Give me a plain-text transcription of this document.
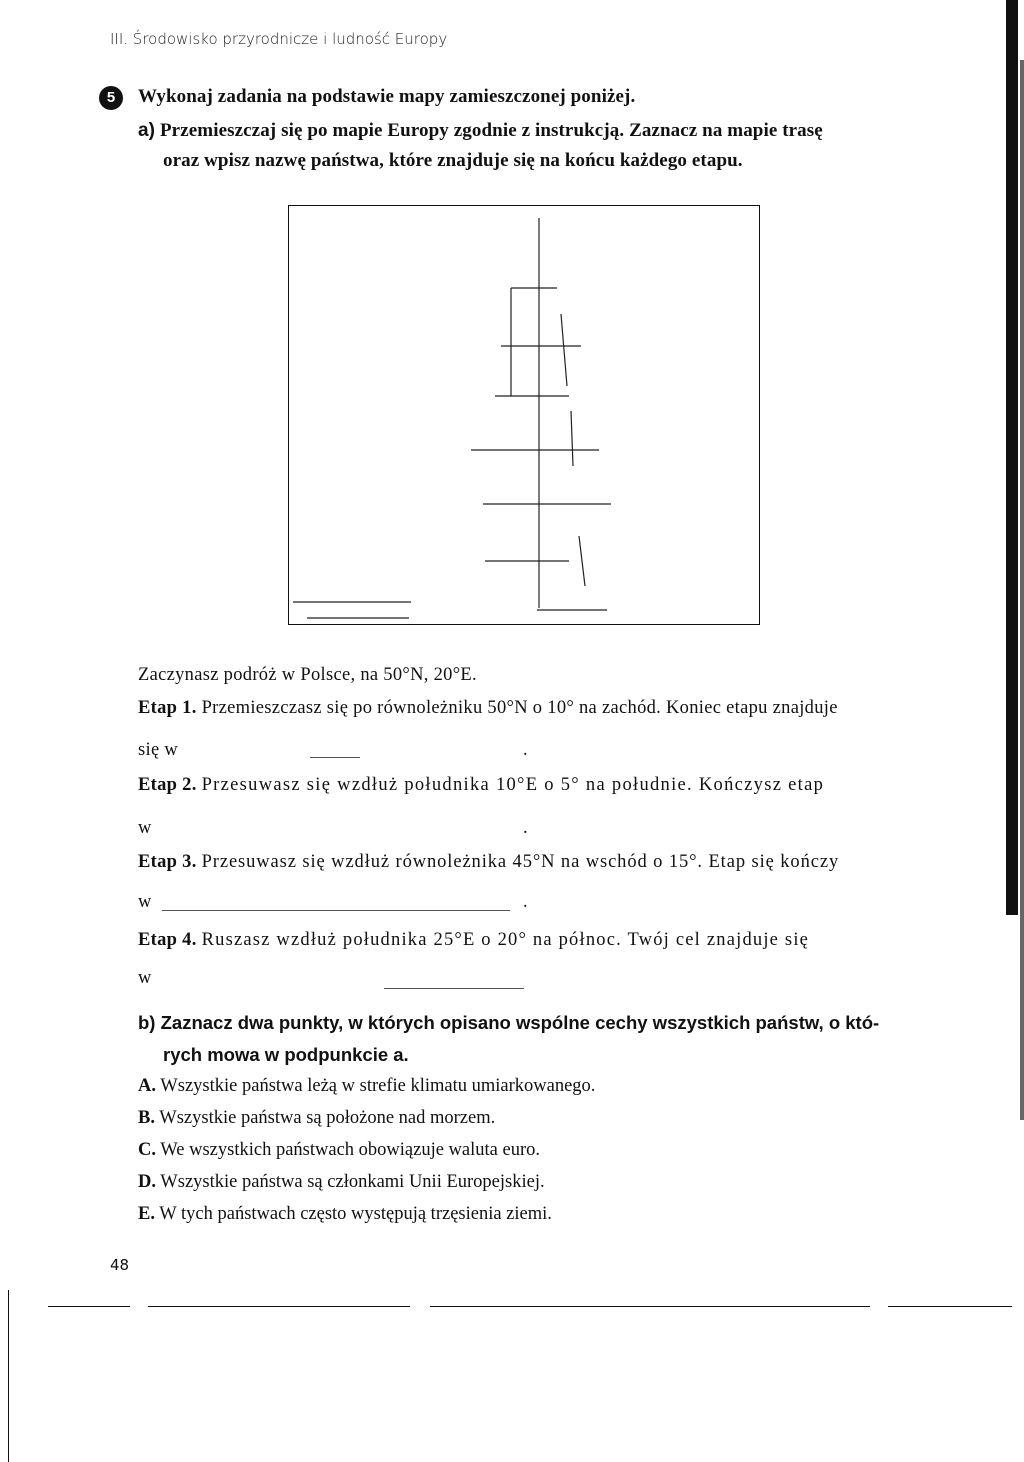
III. Środowisko przyrodnicze i ludność Europy
5	Wykonaj zadania na podstawie mapy zamieszczonej poniżej.
a) Przemieszczaj się po mapie Europy zgodnie z instrukcją. Zaznacz na mapie trasę
oraz wpisz nazwę państwa, które znajduje się na końcu każdego etapu.
Zaczynasz podróż w Polsce, na 50°N, 20°E.
Etap 1. Przemieszczasz się po równoleżniku 50°N o 10° na zachód. Koniec etapu znajduje
się w	.
Etap 2. Przesuwasz się wzdłuż południka 10°E o 5° na południe. Kończysz etap
w	.
Etap 3. Przesuwasz się wzdłuż równoleżnika 45°N na wschód o 15°. Etap się kończy
w	.
Etap 4. Ruszasz wzdłuż południka 25°E o 20° na północ. Twój cel znajduje się
w
b) Zaznacz dwa punkty, w których opisano wspólne cechy wszystkich państw, o któ-
rych mowa w podpunkcie a.
A. Wszystkie państwa leżą w strefie klimatu umiarkowanego.
B. Wszystkie państwa są położone nad morzem.
C. We wszystkich państwach obowiązuje waluta euro.
D. Wszystkie państwa są członkami Unii Europejskiej.
E. W tych państwach często występują trzęsienia ziemi.
48
